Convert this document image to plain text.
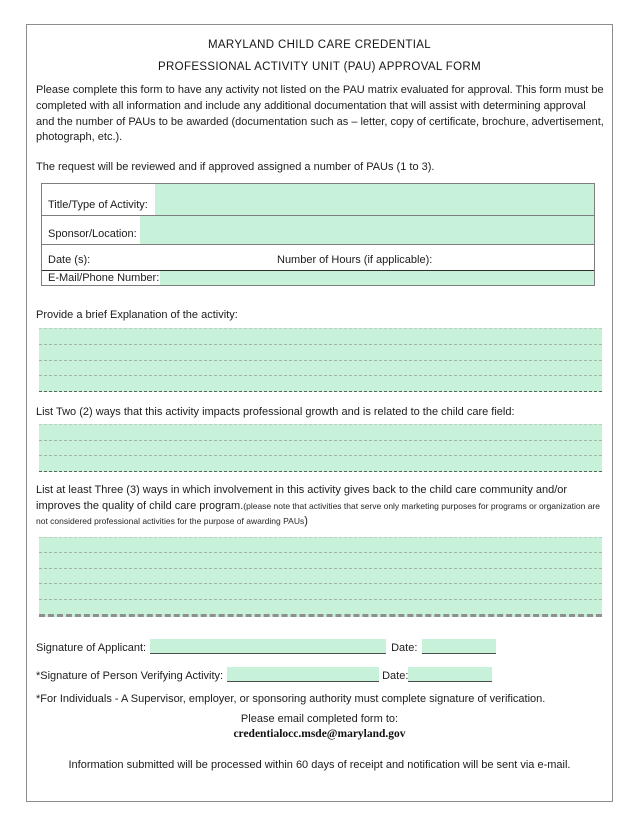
MARYLAND CHILD CARE CREDENTIAL
PROFESSIONAL ACTIVITY UNIT (PAU) APPROVAL FORM
Please complete this form to have any activity not listed on the PAU matrix evaluated for approval. This form must be completed with all information and include any additional documentation that will assist with determining approval and the number of PAUs to be awarded (documentation such as – letter, copy of certificate, brochure, advertisement, photograph, etc.).
The request will be reviewed and if approved assigned a number of PAUs (1 to 3).
Title/Type of Activity:
Sponsor/Location:
Date (s):	Number of Hours (if applicable):
E-Mail/Phone Number:
Provide a brief Explanation of the activity:
List Two (2) ways that this activity impacts professional growth and is related to the child care field:
List at least Three (3) ways in which involvement in this activity gives back to the child care community and/or improves the quality of child care program.(please note that activities that serve only marketing purposes for programs or organization are not considered professional activities for the purpose of awarding PAUs)
Signature of Applicant:	Date:
*Signature of Person Verifying Activity:	Date:
*For Individuals - A Supervisor, employer, or sponsoring authority must complete signature of verification.
Please email completed form to:
credentialocc.msde@maryland.gov
Information submitted will be processed within 60 days of receipt and notification will be sent via e-mail.
